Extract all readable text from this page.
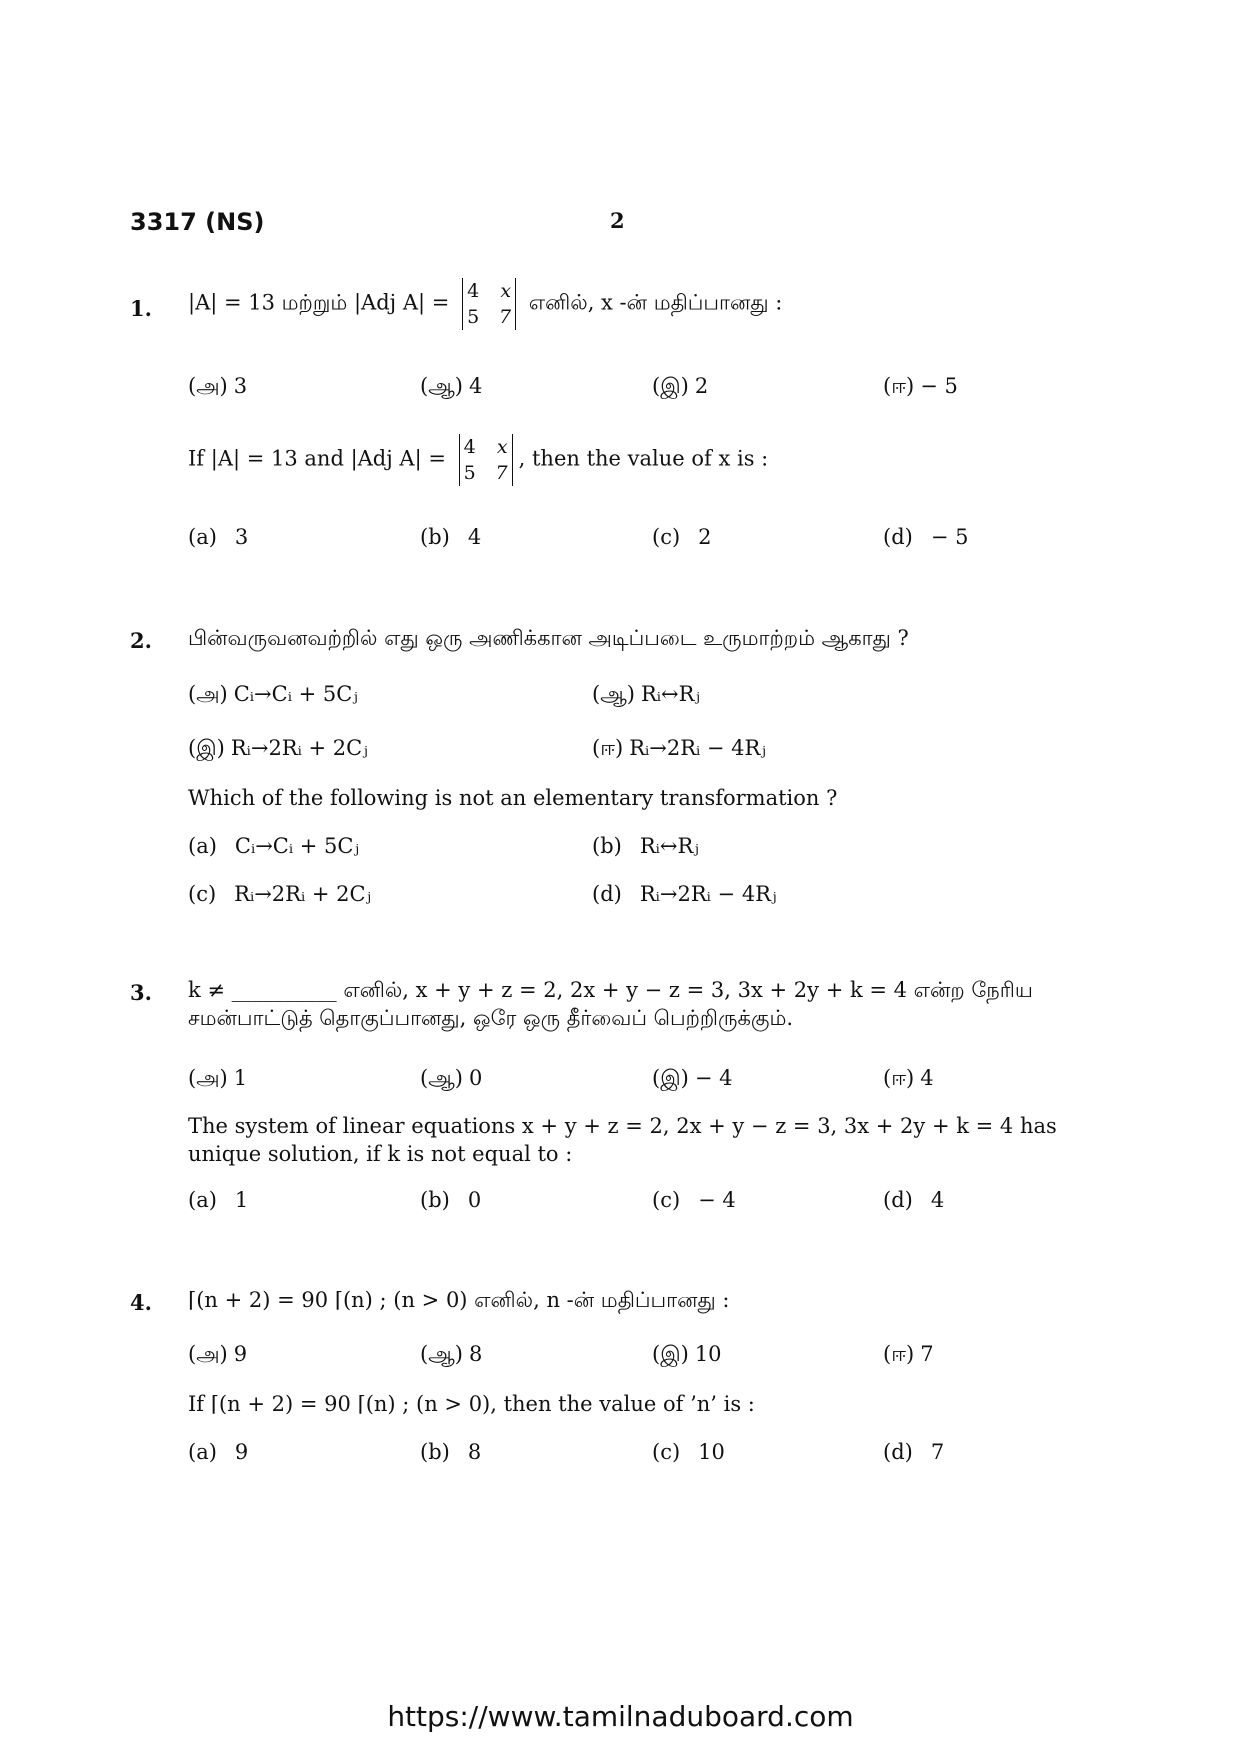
3317 (NS)	2
1. |A| = 13 மற்றும் |Adj A| = 4 x
5 7
எனில், x -ன் மதிப்பானது :
(அ) 3	(ஆ) 4	(இ) 2	(ஈ) − 5
If |A| = 13 and |Adj A| = 4 x
5 7
, then the value of x is :
(a) 3	(b) 4	(c) 2	(d) − 5
2. பின்வருவனவற்றில் எது ஒரு அணிக்கான அடிப்படை உருமாற்றம் ஆகாது ?
(அ) Cᵢ→Cᵢ + 5Cⱼ	(ஆ) Rᵢ↔Rⱼ
(இ) Rᵢ→2Rᵢ + 2Cⱼ	(ஈ) Rᵢ→2Rᵢ − 4Rⱼ
Which of the following is not an elementary transformation ?
(a) Cᵢ→Cᵢ + 5Cⱼ	(b) Rᵢ↔Rⱼ
(c) Rᵢ→2Rᵢ + 2Cⱼ	(d) Rᵢ→2Rᵢ − 4Rⱼ
3. k ≠ __________ எனில், x + y + z = 2, 2x + y − z = 3, 3x + 2y + k = 4 என்ற நேரிய சமன்பாட்டுத் தொகுப்பானது, ஒரே ஒரு தீர்வைப் பெற்றிருக்கும்.
(அ) 1	(ஆ) 0	(இ) − 4	(ஈ) 4
The system of linear equations x + y + z = 2, 2x + y − z = 3, 3x + 2y + k = 4 has unique solution, if k is not equal to :
(a) 1	(b) 0	(c) − 4	(d) 4
4. ⌈(n + 2) = 90 ⌈(n) ; (n > 0) எனில், n -ன் மதிப்பானது :
(அ) 9	(ஆ) 8	(இ) 10	(ஈ) 7
If ⌈(n + 2) = 90 ⌈(n) ; (n > 0), then the value of ’n’ is :
(a) 9	(b) 8	(c) 10	(d) 7
https://www.tamilnaduboard.com
